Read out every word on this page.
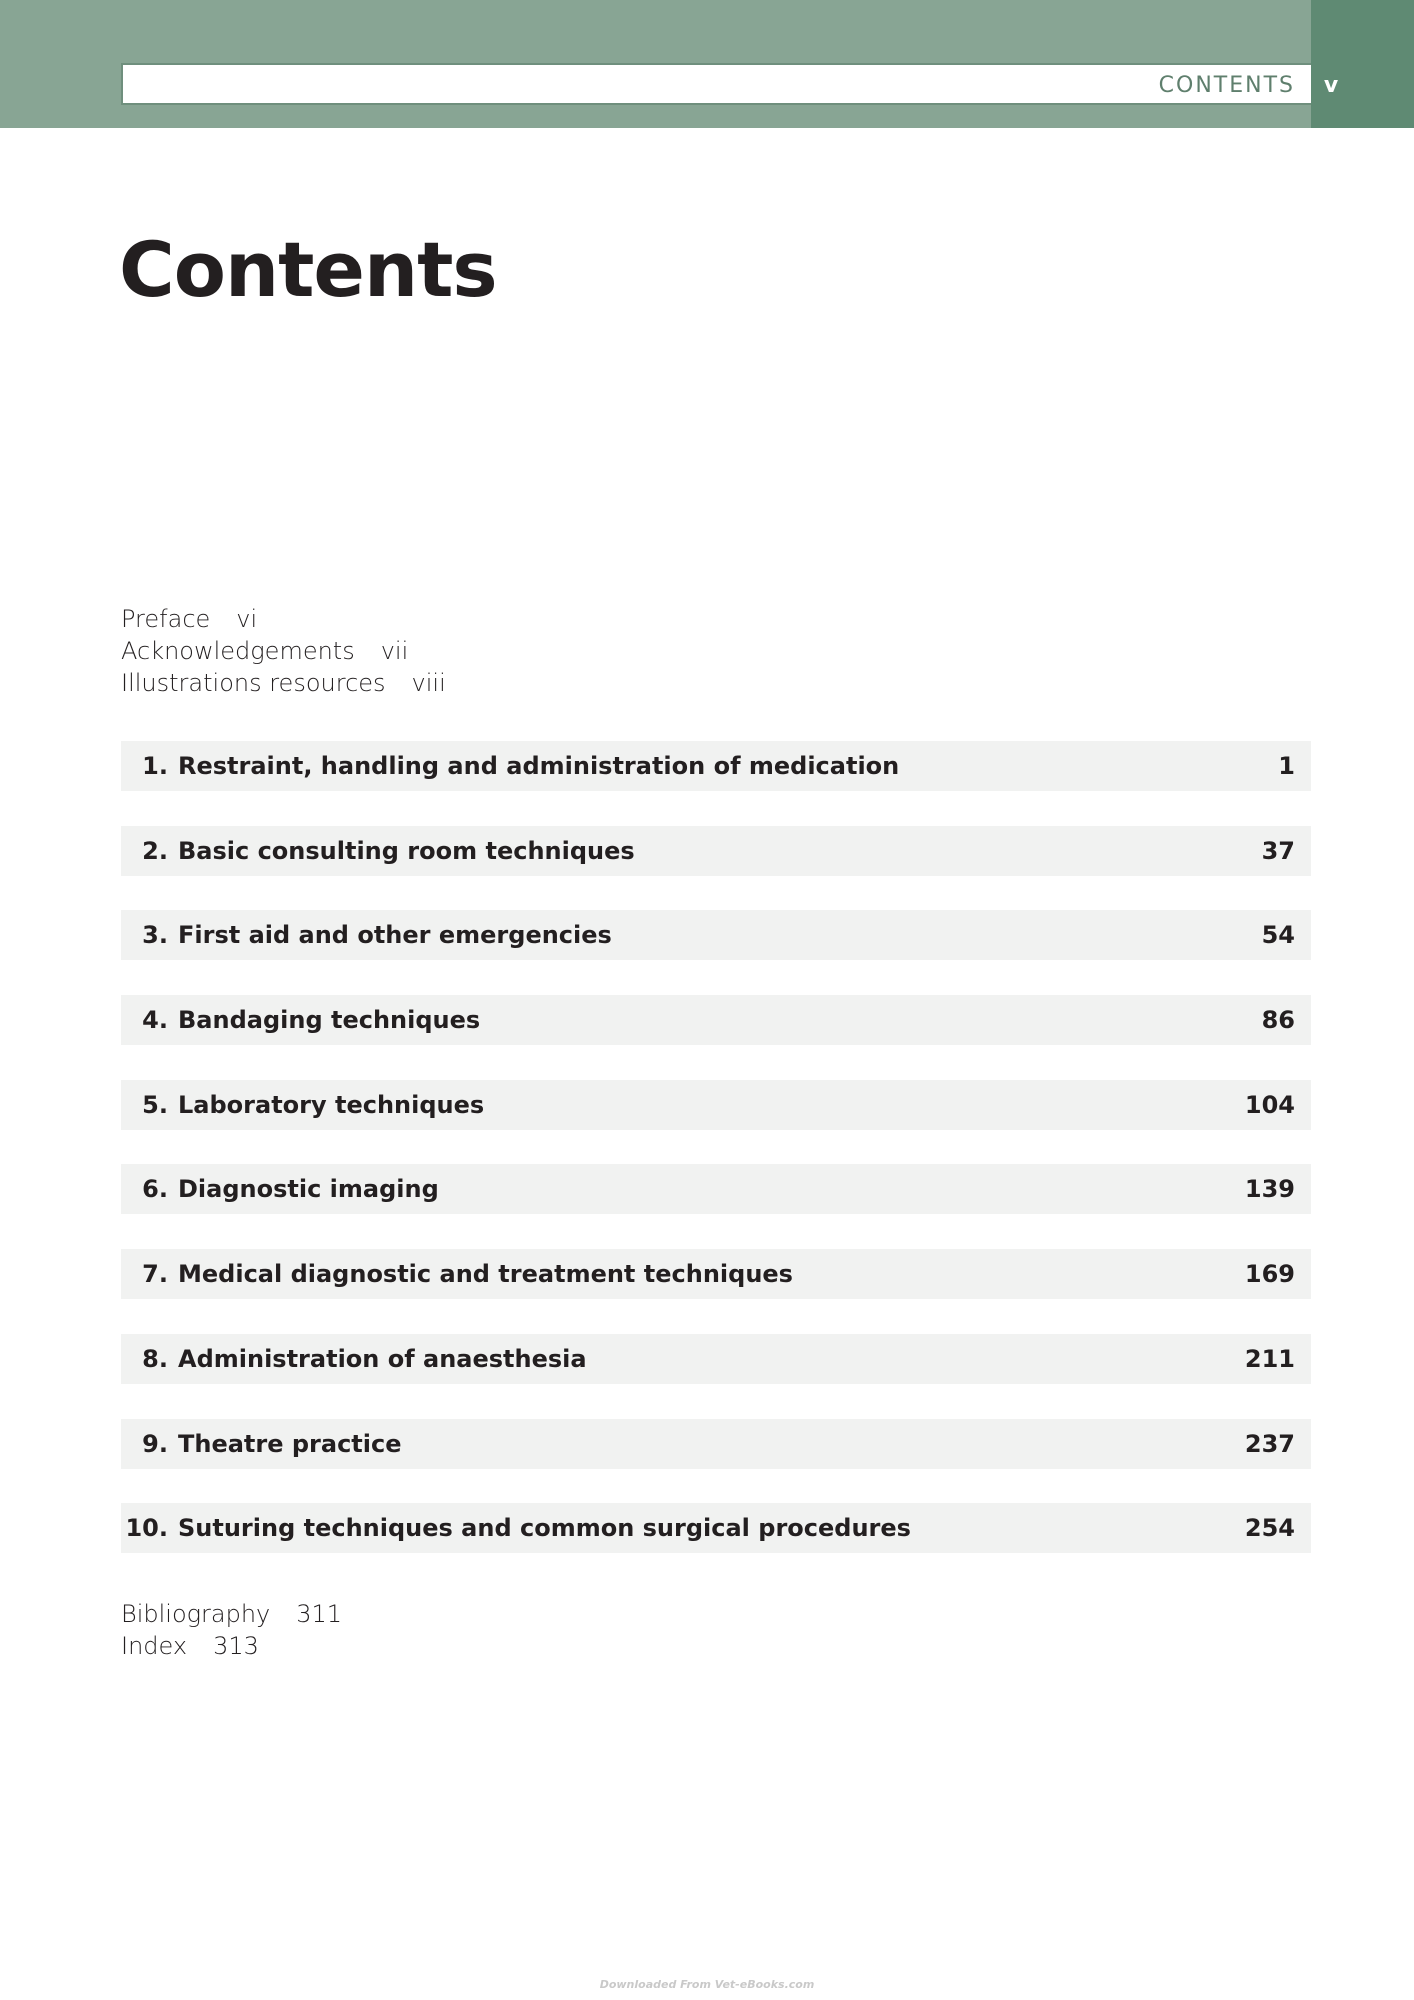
CONTENTS	v
Contents
Preface vi
Acknowledgements vii
Illustrations resources viii
1. Restraint, handling and administration of medication	1
2. Basic consulting room techniques	37
3. First aid and other emergencies	54
4. Bandaging techniques	86
5. Laboratory techniques	104
6. Diagnostic imaging	139
7. Medical diagnostic and treatment techniques	169
8. Administration of anaesthesia	211
9. Theatre practice	237
10. Suturing techniques and common surgical procedures	254
Bibliography 311
Index 313
Downloaded From Vet-eBooks.com
